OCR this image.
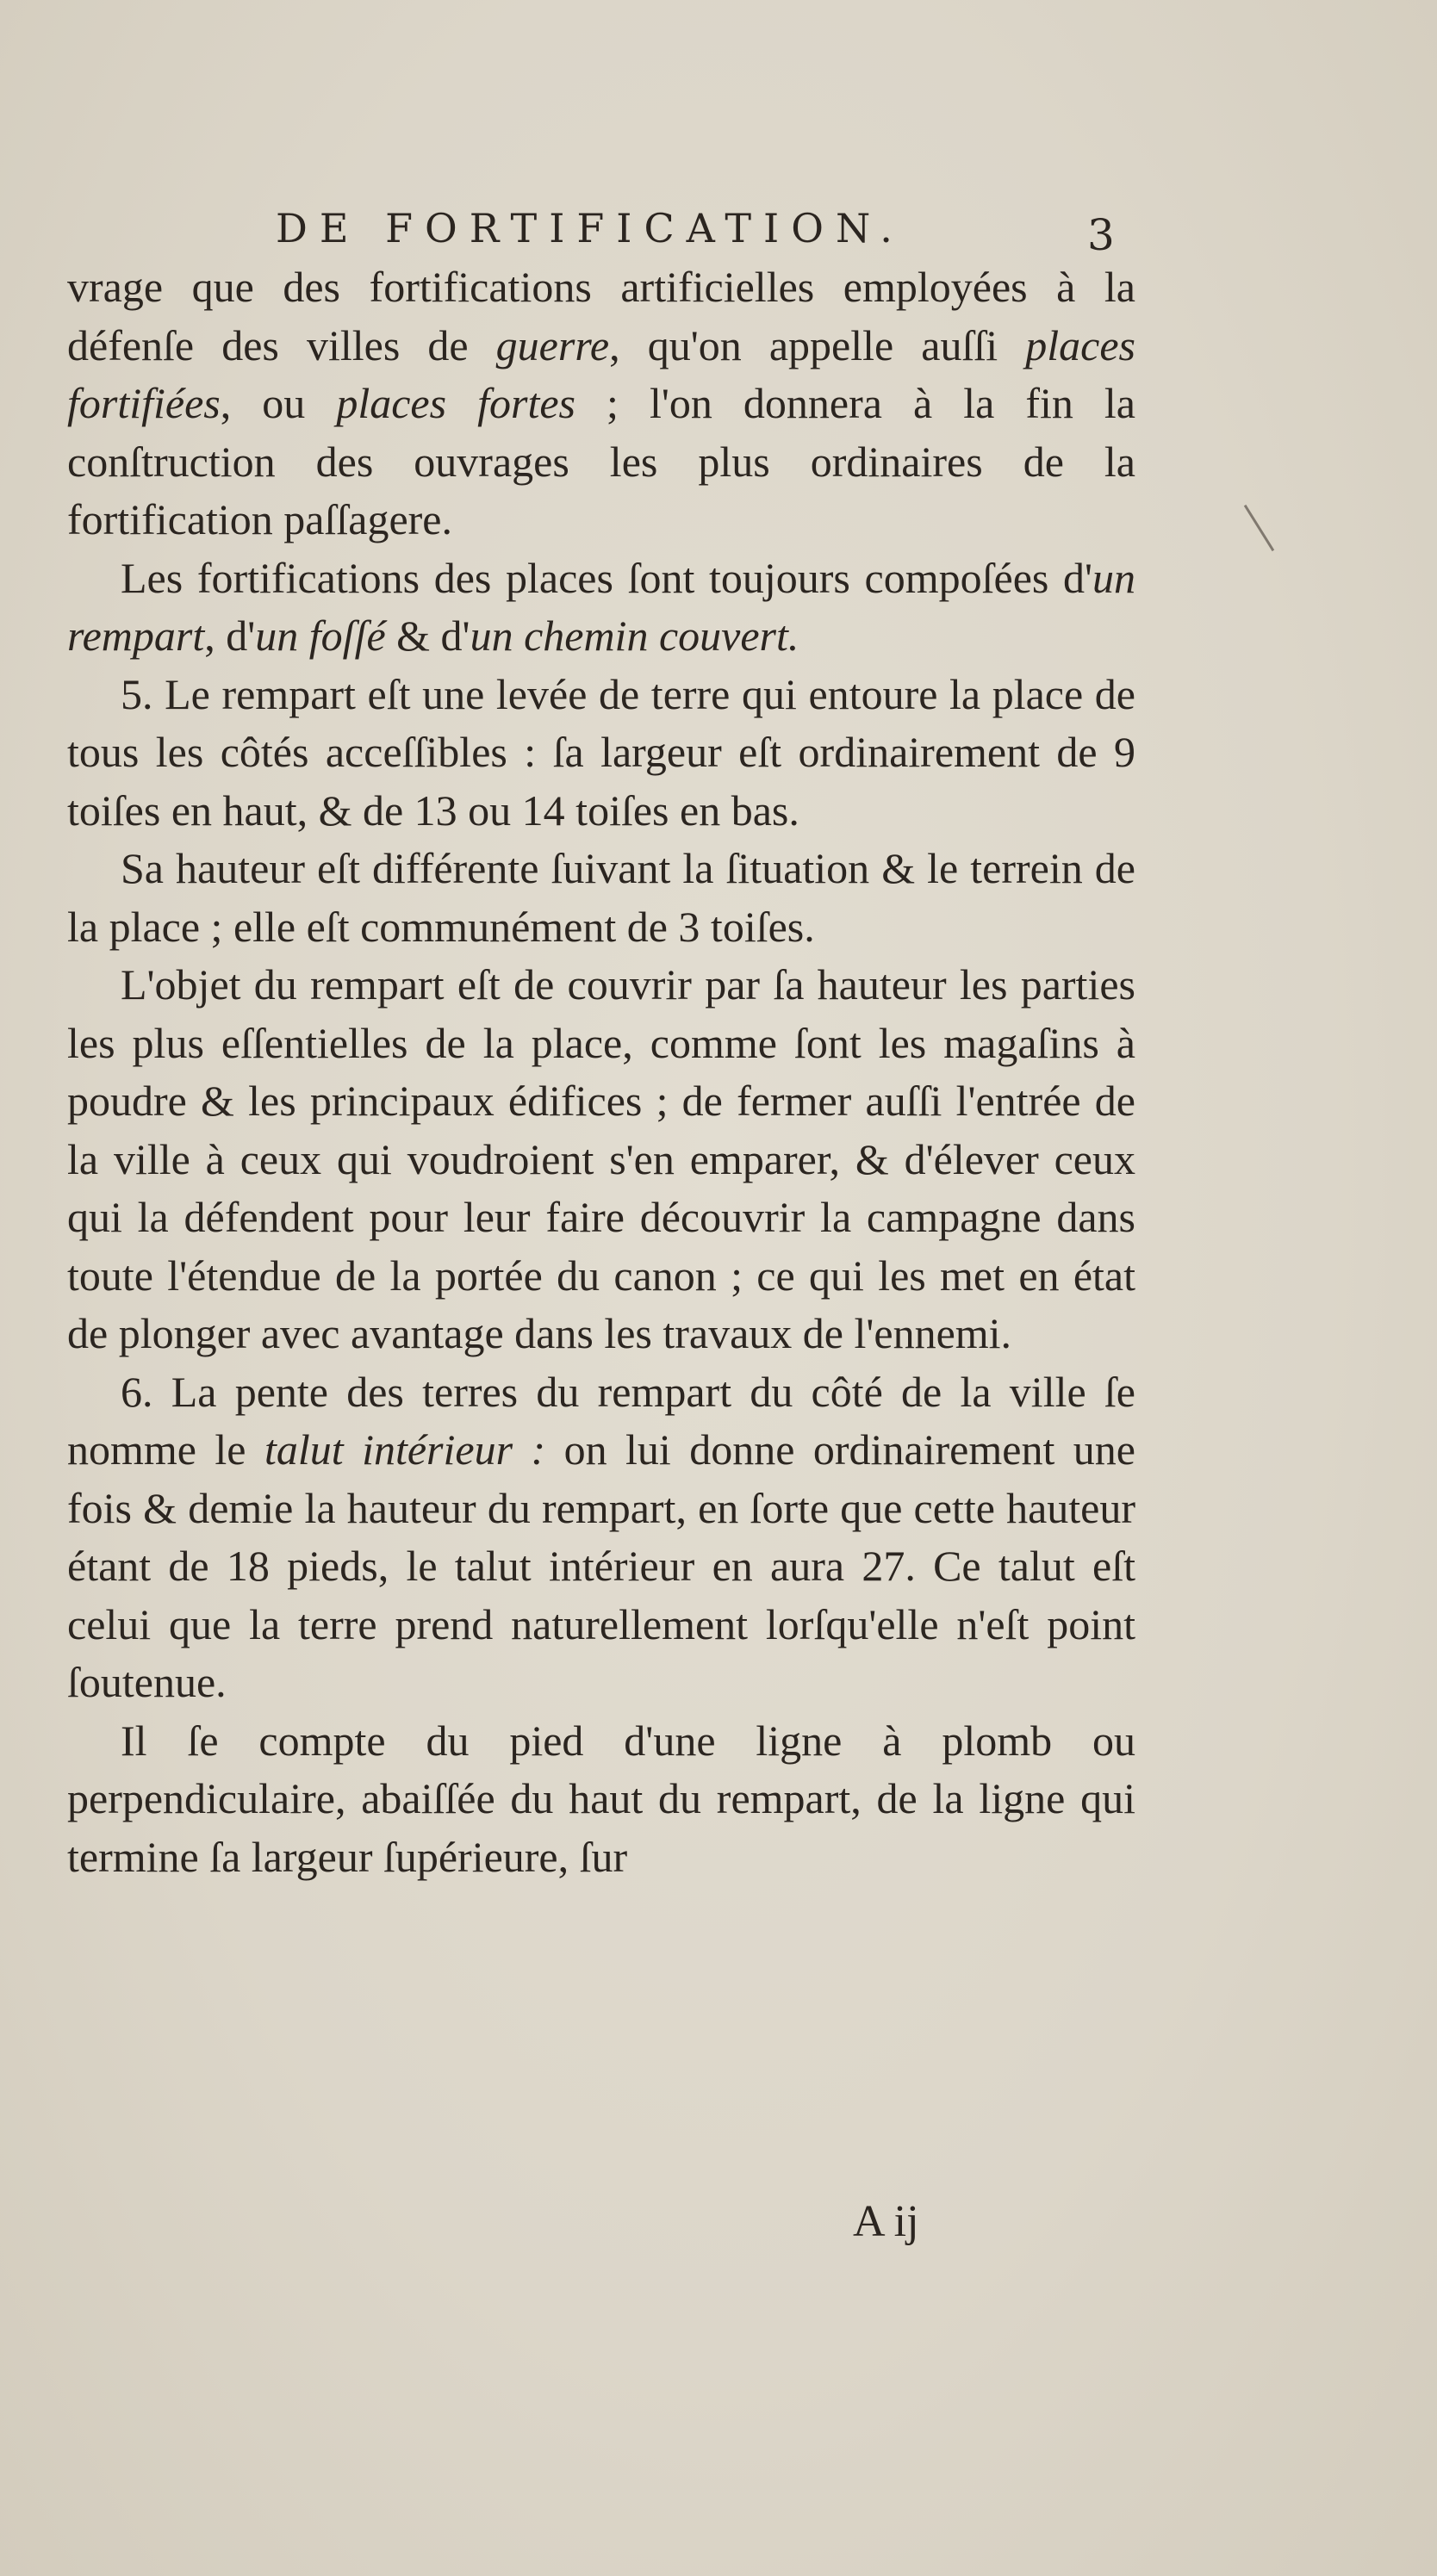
DE FORTIFICATION.	3

vrage que des fortifications artificielles employées à la défenſe des villes de guerre, qu'on appelle auſſi places fortifiées, ou places fortes ; l'on donnera à la fin la conſtruction des ouvrages les plus ordinaires de la fortification paſſagere.

Les fortifications des places ſont toujours compoſées d'un rempart, d'un foſſé & d'un chemin couvert.

5. Le rempart eſt une levée de terre qui entoure la place de tous les côtés acceſſibles : ſa largeur eſt ordinairement de 9 toiſes en haut, & de 13 ou 14 toiſes en bas.

Sa hauteur eſt différente ſuivant la ſituation & le terrein de la place ; elle eſt communément de 3 toiſes.

L'objet du rempart eſt de couvrir par ſa hauteur les parties les plus eſſentielles de la place, comme ſont les magaſins à poudre & les principaux édifices ; de fermer auſſi l'entrée de la ville à ceux qui voudroient s'en emparer, & d'élever ceux qui la défendent pour leur faire découvrir la campagne dans toute l'étendue de la portée du canon ; ce qui les met en état de plonger avec avantage dans les travaux de l'ennemi.

6. La pente des terres du rempart du côté de la ville ſe nomme le talut intérieur : on lui donne ordinairement une fois & demie la hauteur du rempart, en ſorte que cette hauteur étant de 18 pieds, le talut intérieur en aura 27. Ce talut eſt celui que la terre prend naturellement lorſqu'elle n'eſt point ſoutenue.

Il ſe compte du pied d'une ligne à plomb ou perpendiculaire, abaiſſée du haut du rempart, de la ligne qui termine ſa largeur ſupérieure, ſur

A ij
